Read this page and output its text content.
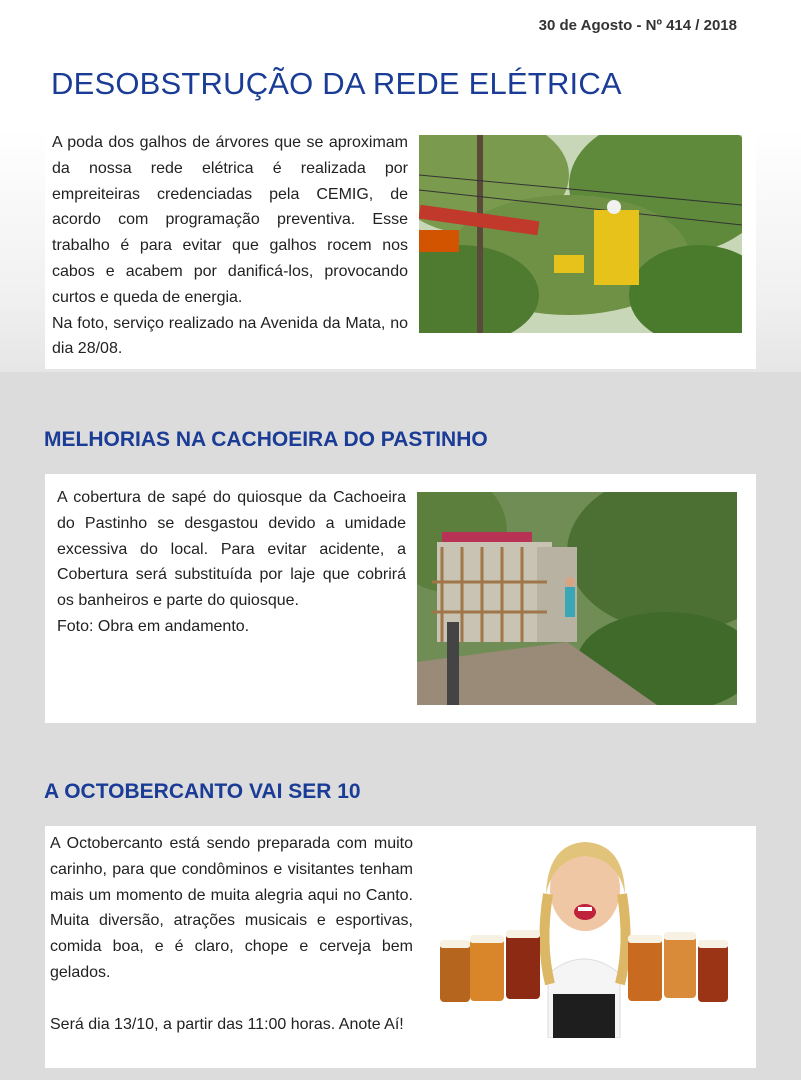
30 de Agosto - Nº 414 / 2018
DESOBSTRUÇÃO DA REDE ELÉTRICA

A poda dos galhos de árvores que se aproximam da nossa rede elétrica é realizada por empreiteiras credenciadas pela CEMIG, de acordo com programação preventiva. Esse trabalho é para evitar que galhos rocem nos cabos e acabem por danificá-los, provocando curtos e queda de energia.

Na foto, serviço realizado na Avenida da Mata, no dia 28/08.

MELHORIAS NA CACHOEIRA DO PASTINHO

A cobertura de sapé do quiosque da Cachoeira do Pastinho se desgastou devido a umidade excessiva do local. Para evitar acidente, a Cobertura será substituída por laje que cobrirá os banheiros e parte do quiosque.

Foto: Obra em andamento.

A OCTOBERCANTO VAI SER 10

A Octobercanto está sendo preparada com muito carinho, para que condôminos e visitantes tenham mais um momento de muita alegria aqui no Canto. Muita diversão, atrações musicais e esportivas, comida boa, e é claro, chope e cerveja bem gelados.

Será dia 13/10, a partir das 11:00 horas. Anote Aí!
